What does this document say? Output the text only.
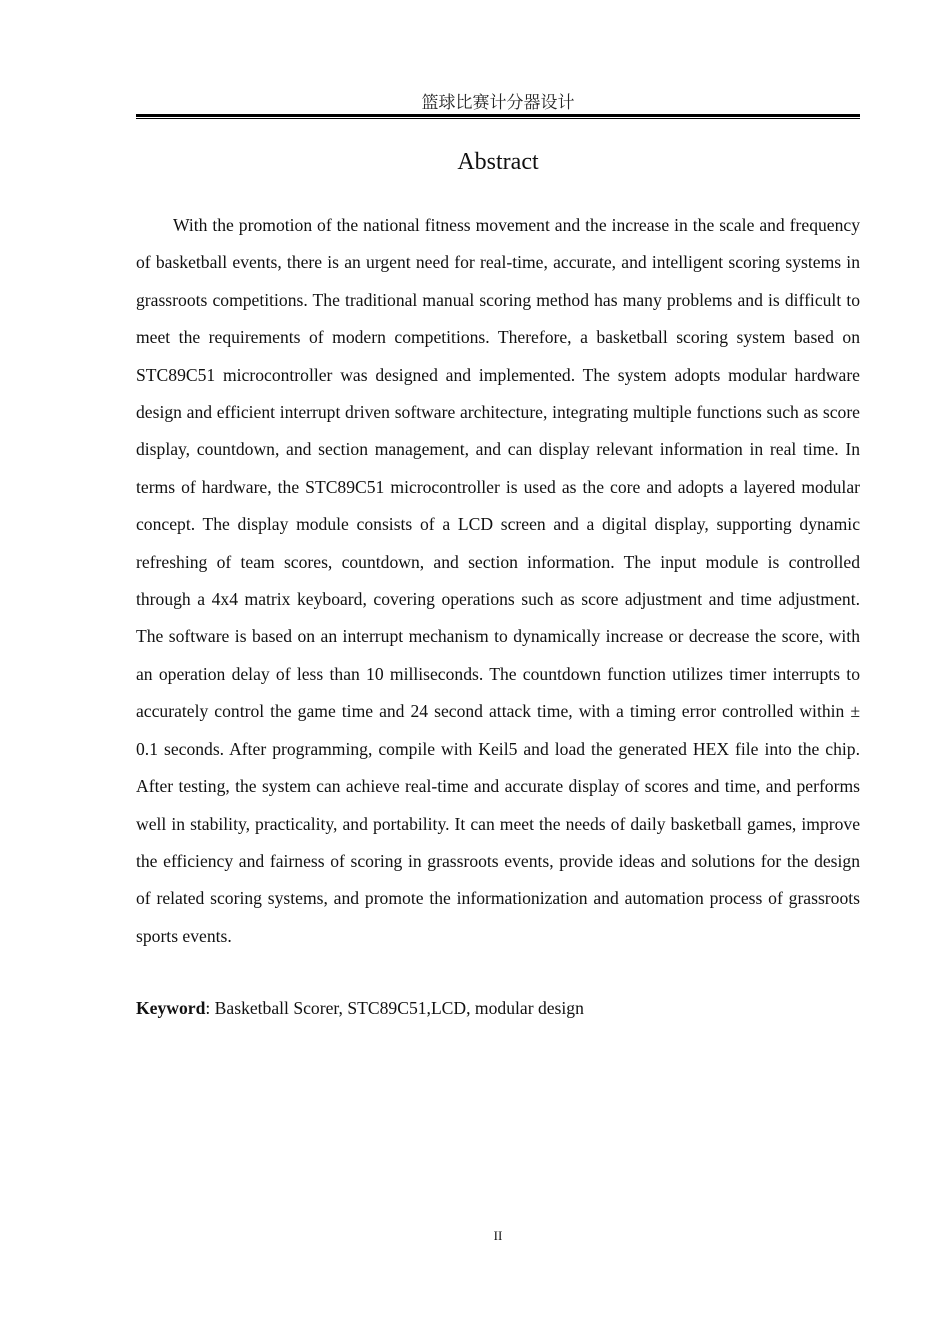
篮球比赛计分器设计
Abstract

With the promotion of the national fitness movement and the increase in the scale and frequency of basketball events, there is an urgent need for real-time, accurate, and intelligent scoring systems in grassroots competitions. The traditional manual scoring method has many problems and is difficult to meet the requirements of modern competitions. Therefore, a basketball scoring system based on STC89C51 microcontroller was designed and implemented. The system adopts modular hardware design and efficient interrupt driven software architecture, integrating multiple functions such as score display, countdown, and section management, and can display relevant information in real time. In terms of hardware, the STC89C51 microcontroller is used as the core and adopts a layered modular concept. The display module consists of a LCD screen and a digital display, supporting dynamic refreshing of team scores, countdown, and section information. The input module is controlled through a 4x4 matrix keyboard, covering operations such as score adjustment and time adjustment. The software is based on an interrupt mechanism to dynamically increase or decrease the score, with an operation delay of less than 10 milliseconds. The countdown function utilizes timer interrupts to accurately control the game time and 24 second attack time, with a timing error controlled within ± 0.1 seconds. After programming, compile with Keil5 and load the generated HEX file into the chip. After testing, the system can achieve real-time and accurate display of scores and time, and performs well in stability, practicality, and portability. It can meet the needs of daily basketball games, improve the efficiency and fairness of scoring in grassroots events, provide ideas and solutions for the design of related scoring systems, and promote the informationization and automation process of grassroots sports events.

Keyword: Basketball Scorer, STC89C51,LCD, modular design
II
